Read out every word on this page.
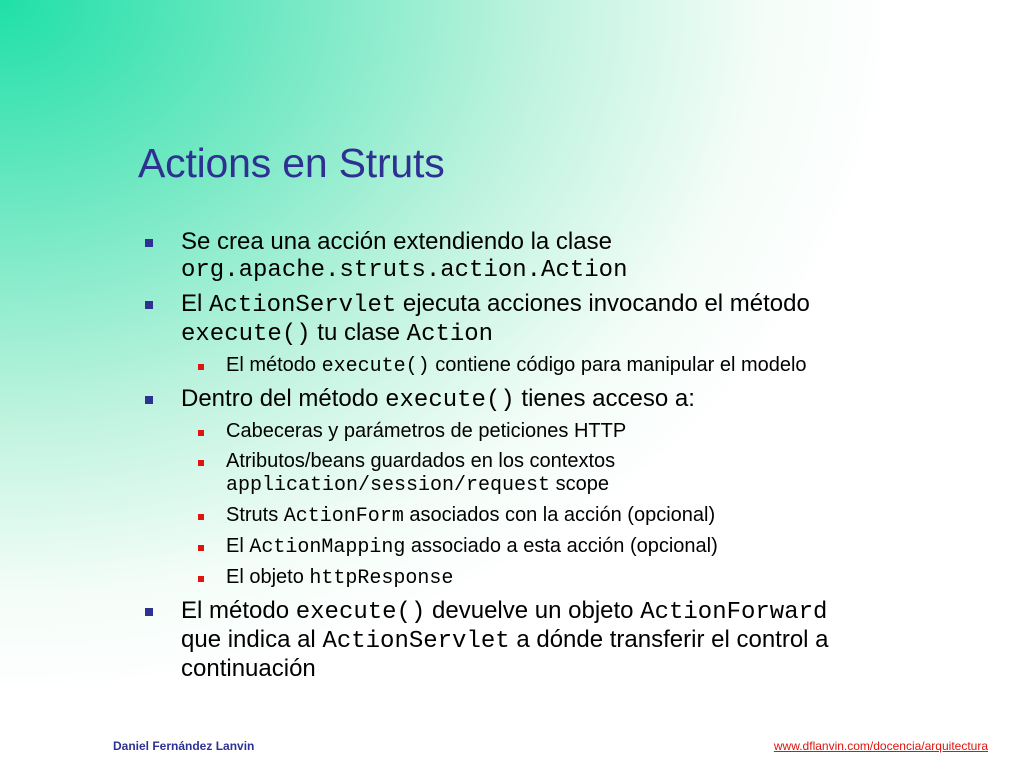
Actions en Struts
Se crea una acción extendiendo la clase
org.apache.struts.action.Action
El ActionServlet ejecuta acciones invocando el método
execute() tu clase Action
El método execute() contiene código para manipular el modelo
Dentro del método execute() tienes acceso a:
Cabeceras y parámetros de peticiones HTTP
Atributos/beans guardados en los contextos
application/session/request scope
Struts ActionForm asociados con la acción (opcional)
El ActionMapping associado a esta acción (opcional)
El objeto httpResponse
El método execute() devuelve un objeto ActionForward
que indica al ActionServlet a dónde transferir el control a
continuación
Daniel Fernández Lanvin	www.dflanvin.com/docencia/arquitectura
